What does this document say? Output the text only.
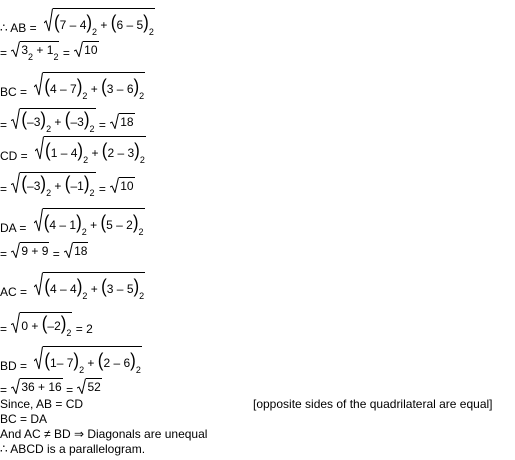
∴ AB = ( 7 – 4 ) 2
+
( 6 – 5 ) 2
= 3 2
+
1 2 = 10
BC = ( 4 – 7 ) 2
+
( 3 – 6 ) 2
= ( –3 ) 2
+
( –3 ) 2 = 18
CD = ( 1 – 4 ) 2
+
( 2 – 3 ) 2
= ( –3 ) 2
+
( –1 ) 2 = 10
DA = ( 4 – 1 ) 2
+
( 5 – 2 ) 2
= 9 + 9 = 18
AC = ( 4 – 4 ) 2
+
( 3 – 5 ) 2
= 0 +
( –2 ) 2 = 2
BD = ( 1– 7 ) 2
+
( 2 – 6 ) 2
= 36 + 16 = 52
Since, AB = CD	[opposite sides of the quadrilateral are equal]
BC = DA
And AC ≠ BD ⇒ Diagonals are unequal
∴ ABCD is a parallelogram.
